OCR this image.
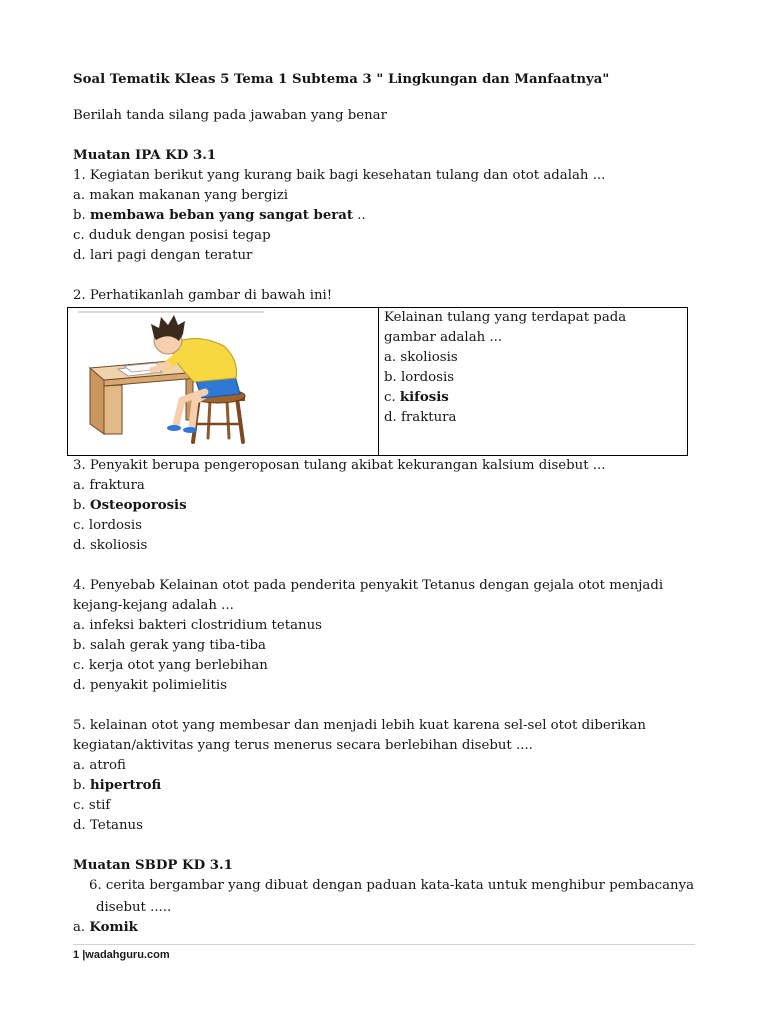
Soal Tematik Kleas 5 Tema 1 Subtema 3 " Lingkungan dan Manfaatnya"
Berilah tanda silang pada jawaban yang benar
Muatan IPA KD 3.1
1. Kegiatan berikut yang kurang baik bagi kesehatan tulang dan otot adalah ...
a. makan makanan yang bergizi
b. membawa beban yang sangat berat ..
c. duduk dengan posisi tegap
d. lari pagi dengan teratur
2. Perhatikanlah gambar di bawah ini!
Kelainan tulang yang terdapat pada
gambar adalah ...
a. skoliosis
b. lordosis
c. kifosis
d. fraktura
3. Penyakit berupa pengeroposan tulang akibat kekurangan kalsium disebut ...
a. fraktura
b. Osteoporosis
c. lordosis
d. skoliosis
4. Penyebab Kelainan otot pada penderita penyakit Tetanus dengan gejala otot menjadi
kejang-kejang adalah ...
a. infeksi bakteri clostridium tetanus
b. salah gerak yang tiba-tiba
c. kerja otot yang berlebihan
d. penyakit polimielitis
5. kelainan otot yang membesar dan menjadi lebih kuat karena sel-sel otot diberikan
kegiatan/aktivitas yang terus menerus secara berlebihan disebut ....
a. atrofi
b. hipertrofi
c. stif
d. Tetanus
Muatan SBDP KD 3.1
6. cerita bergambar yang dibuat dengan paduan kata-kata untuk menghibur pembacanya
disebut .....
a. Komik
1 |wadahguru.com
